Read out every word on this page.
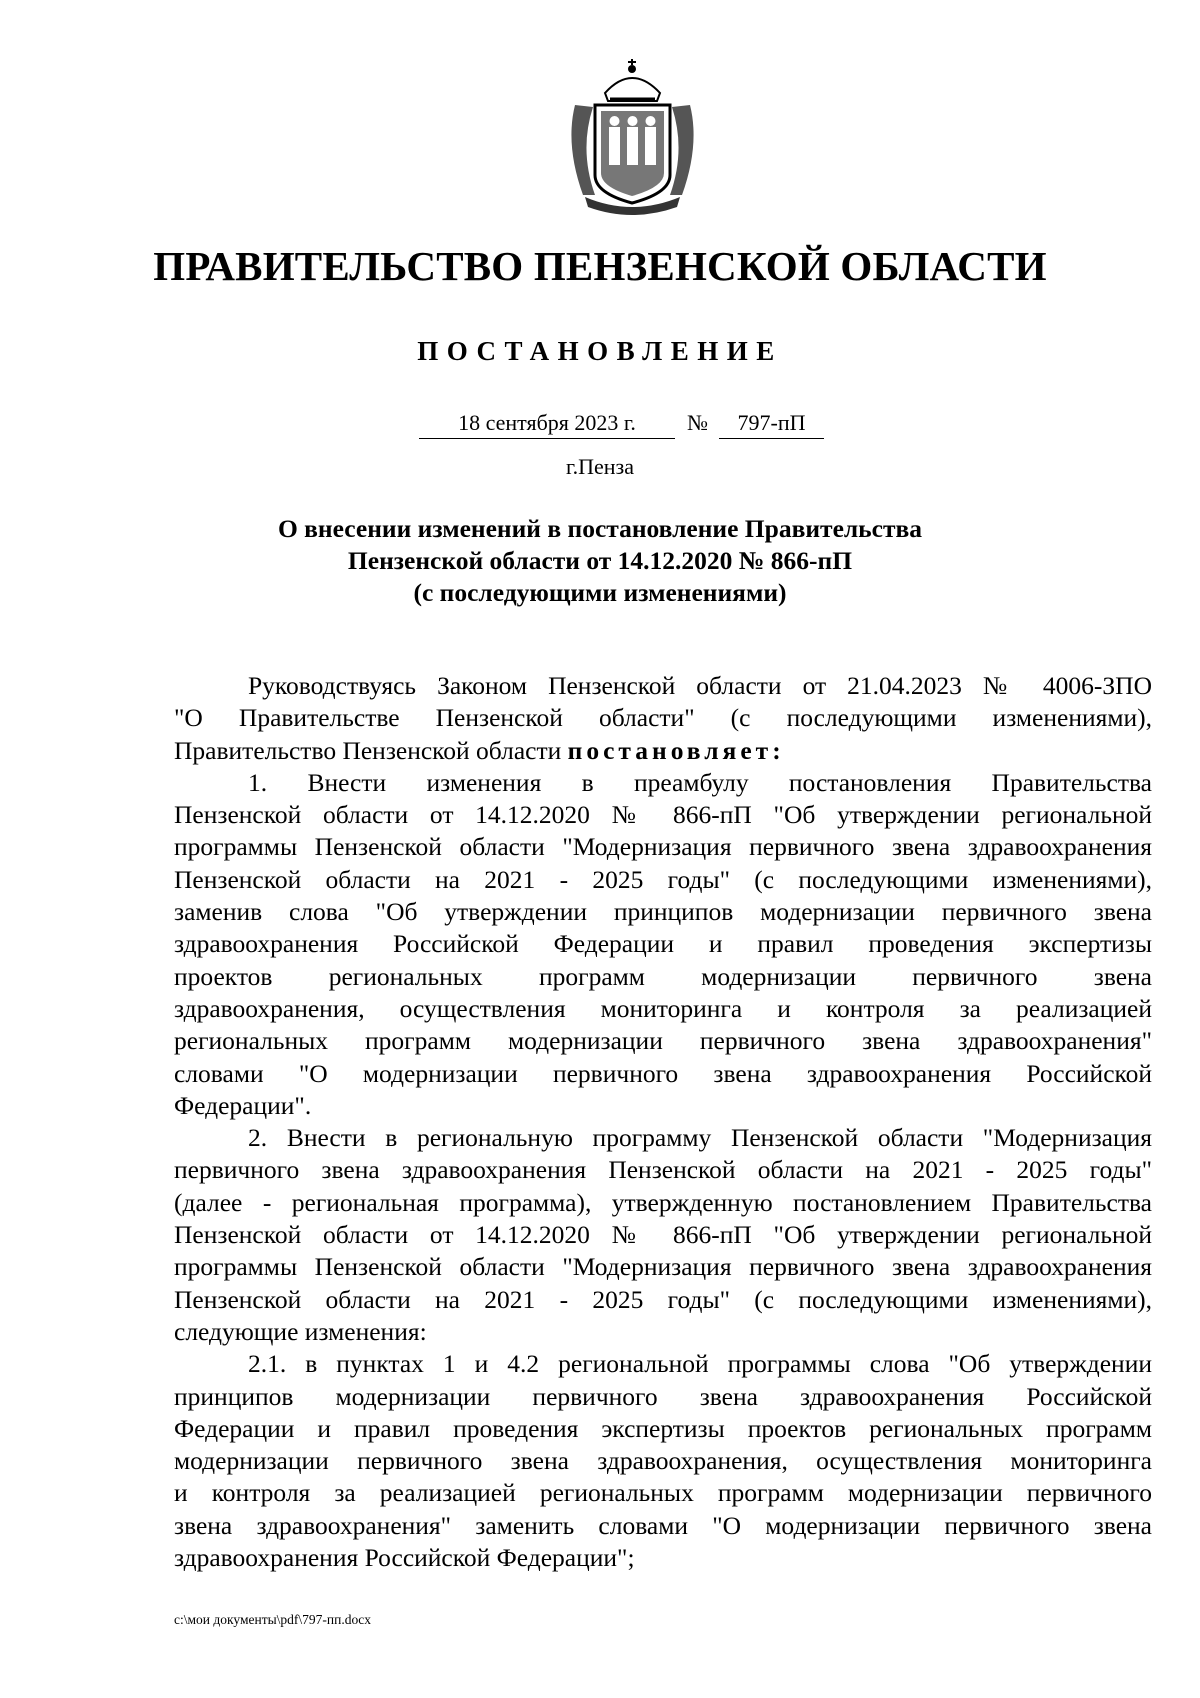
ПРАВИТЕЛЬСТВО ПЕНЗЕНСКОЙ ОБЛАСТИ
ПОСТАНОВЛЕНИЕ
18 сентября 2023 г.	№	797-пП
г.Пенза
О внесении изменений в постановление Правительства
Пензенской области от 14.12.2020 № 866-пП
(с последующими изменениями)
Руководствуясь Законом Пензенской области от 21.04.2023 № 4006-ЗПО
"О Правительстве Пензенской области" (с последующими изменениями),
Правительство Пензенской области постановляет:
1. Внести изменения в преамбулу постановления Правительства
Пензенской области от 14.12.2020 № 866-пП "Об утверждении региональной
программы Пензенской области "Модернизация первичного звена здравоохранения
Пензенской области на 2021 - 2025 годы" (с последующими изменениями),
заменив слова "Об утверждении принципов модернизации первичного звена
здравоохранения Российской Федерации и правил проведения экспертизы
проектов региональных программ модернизации первичного звена
здравоохранения, осуществления мониторинга и контроля за реализацией
региональных программ модернизации первичного звена здравоохранения"
словами "О модернизации первичного звена здравоохранения Российской
Федерации".
2. Внести в региональную программу Пензенской области "Модернизация
первичного звена здравоохранения Пензенской области на 2021 - 2025 годы"
(далее - региональная программа), утвержденную постановлением Правительства
Пензенской области от 14.12.2020 № 866-пП "Об утверждении региональной
программы Пензенской области "Модернизация первичного звена здравоохранения
Пензенской области на 2021 - 2025 годы" (с последующими изменениями),
следующие изменения:
2.1. в пунктах 1 и 4.2 региональной программы слова "Об утверждении
принципов модернизации первичного звена здравоохранения Российской
Федерации и правил проведения экспертизы проектов региональных программ
модернизации первичного звена здравоохранения, осуществления мониторинга
и контроля за реализацией региональных программ модернизации первичного
звена здравоохранения" заменить словами "О модернизации первичного звена
здравоохранения Российской Федерации";
c:\мои документы\pdf\797-пп.docx
